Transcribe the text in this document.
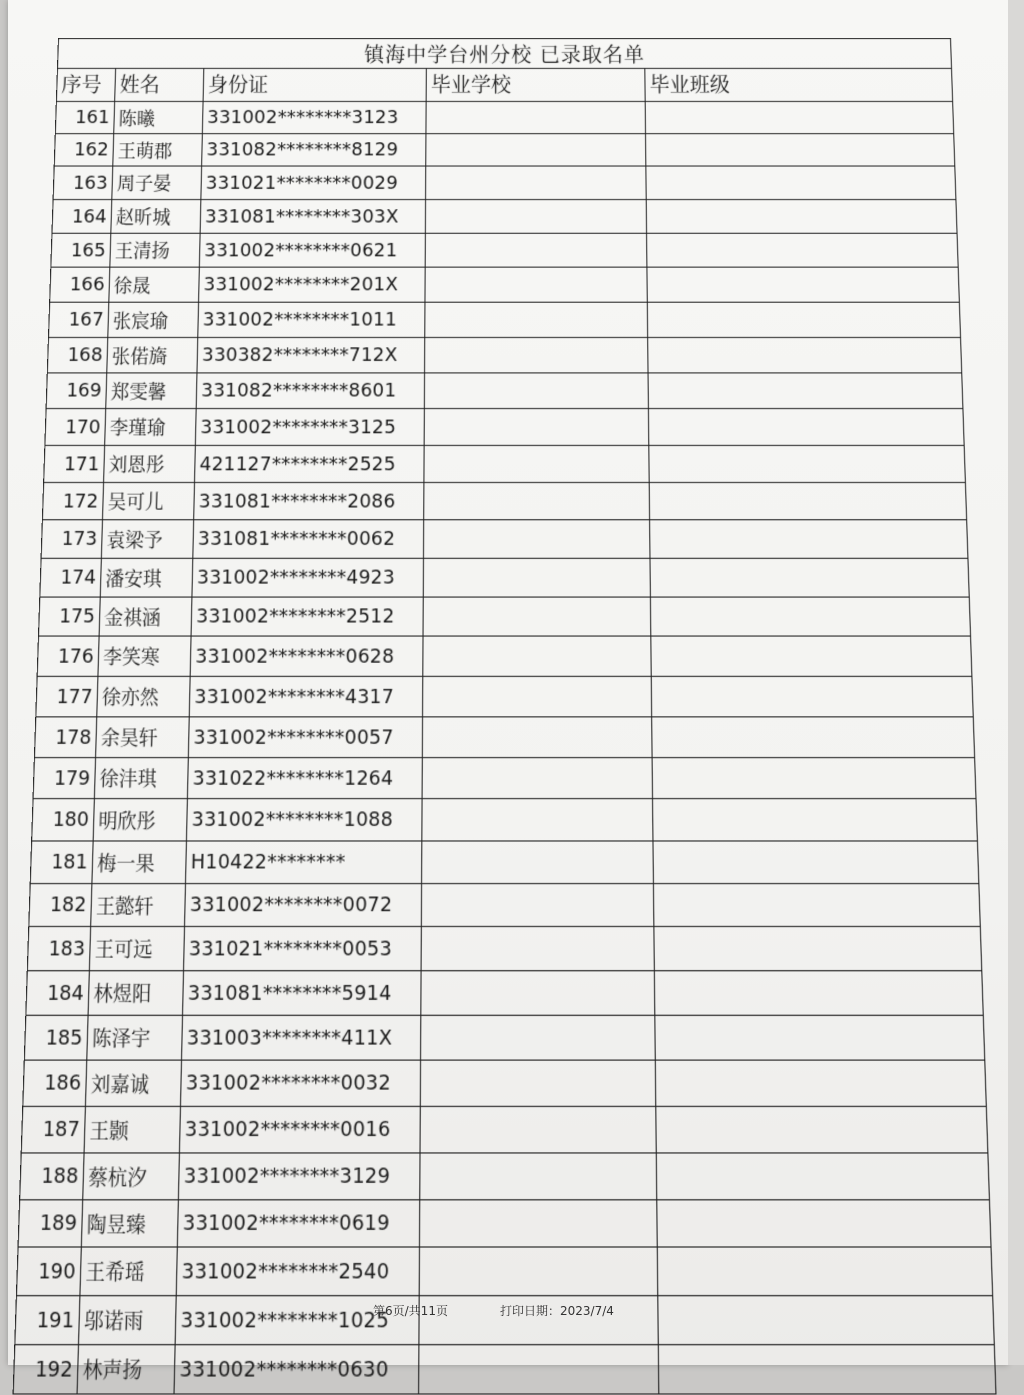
镇海中学台州分校 已录取名单				
序号	姓名	身份证	毕业学校	毕业班级
161	陈曦	331002********3123		
162	王萌郡	331082********8129		
163	周子晏	331021********0029		
164	赵昕城	331081********303X		
165	王清扬	331002********0621		
166	徐晟	331002********201X		
167	张宸瑜	331002********1011		
168	张偌旖	330382********712X		
169	郑雯馨	331082********8601		
170	李瑾瑜	331002********3125		
171	刘恩彤	421127********2525		
172	吴可儿	331081********2086		
173	袁梁予	331081********0062		
174	潘安琪	331002********4923		
175	金祺涵	331002********2512		
176	李笑寒	331002********0628		
177	徐亦然	331002********4317		
178	余昊轩	331002********0057		
179	徐沣琪	331022********1264		
180	明欣彤	331002********1088		
181	梅一果	H10422********		
182	王懿轩	331002********0072		
183	王可远	331021********0053		
184	林煜阳	331081********5914		
185	陈泽宇	331003********411X		
186	刘嘉诚	331002********0032		
187	王颢	331002********0016		
188	蔡杭汐	331002********3129		
189	陶昱臻	331002********0619		
190	王希瑶	331002********2540		
191	邬诺雨	331002********1025		
192	林声扬	331002********0630		
第6页/共11页	打印日期：2023/7/4
